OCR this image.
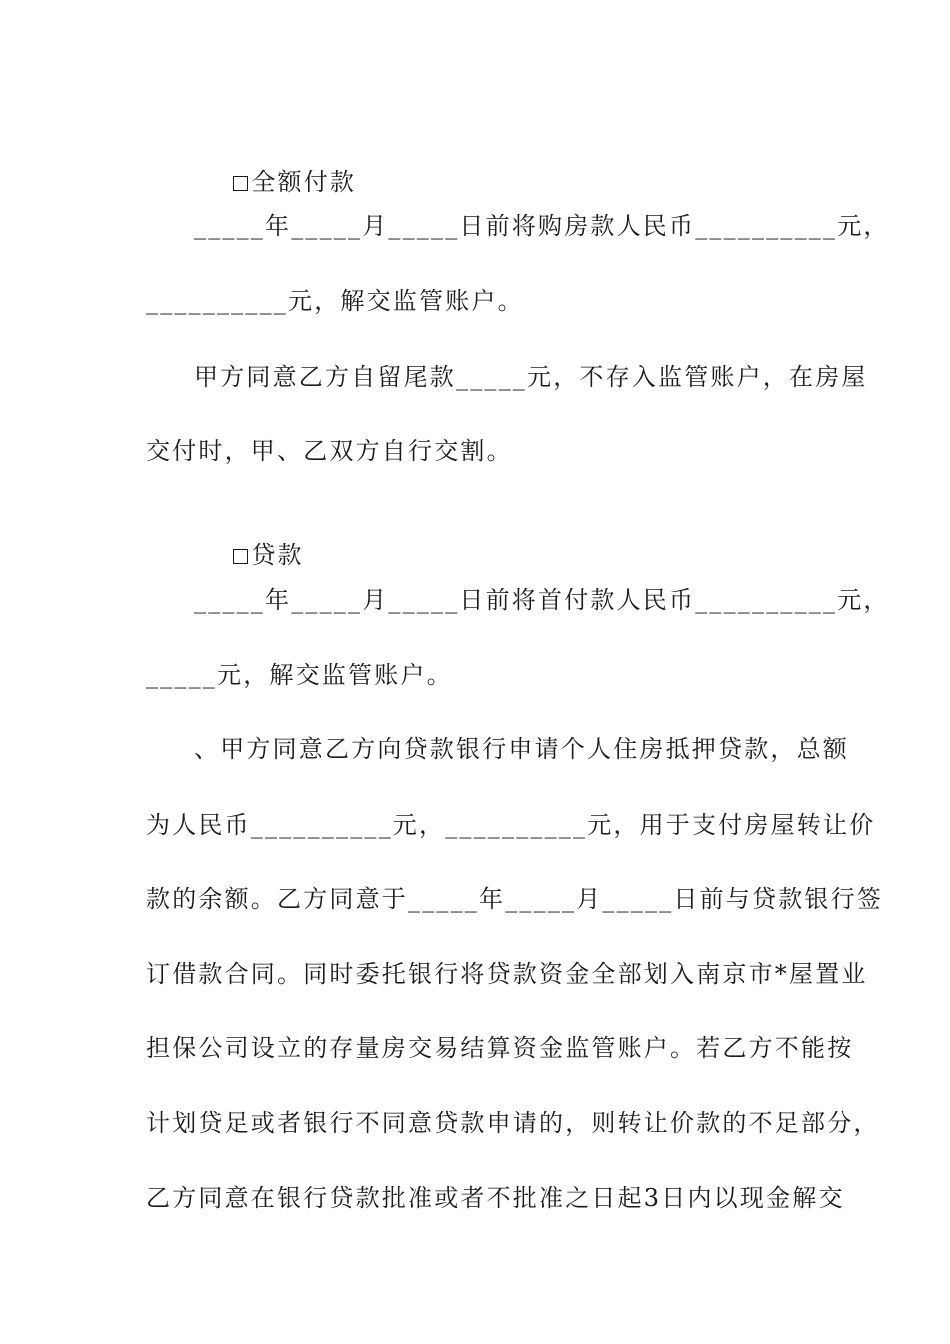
全额付款

_____年_____月_____日前将购房款人民币__________元，
__________元，解交监管账户。
甲方同意乙方自留尾款_____元，不存入监管账户，在房屋
交付时，甲、乙双方自行交割。

贷款

_____年_____月_____日前将首付款人民币__________元，
_____元，解交监管账户。
、甲方同意乙方向贷款银行申请个人住房抵押贷款，总额
为人民币__________元，__________元，用于支付房屋转让价
款的余额。乙方同意于_____年_____月_____日前与贷款银行签
订借款合同。同时委托银行将贷款资金全部划入南京市*屋置业
担保公司设立的存量房交易结算资金监管账户。若乙方不能按
计划贷足或者银行不同意贷款申请的，则转让价款的不足部分，
乙方同意在银行贷款批准或者不批准之日起3日内以现金解交
